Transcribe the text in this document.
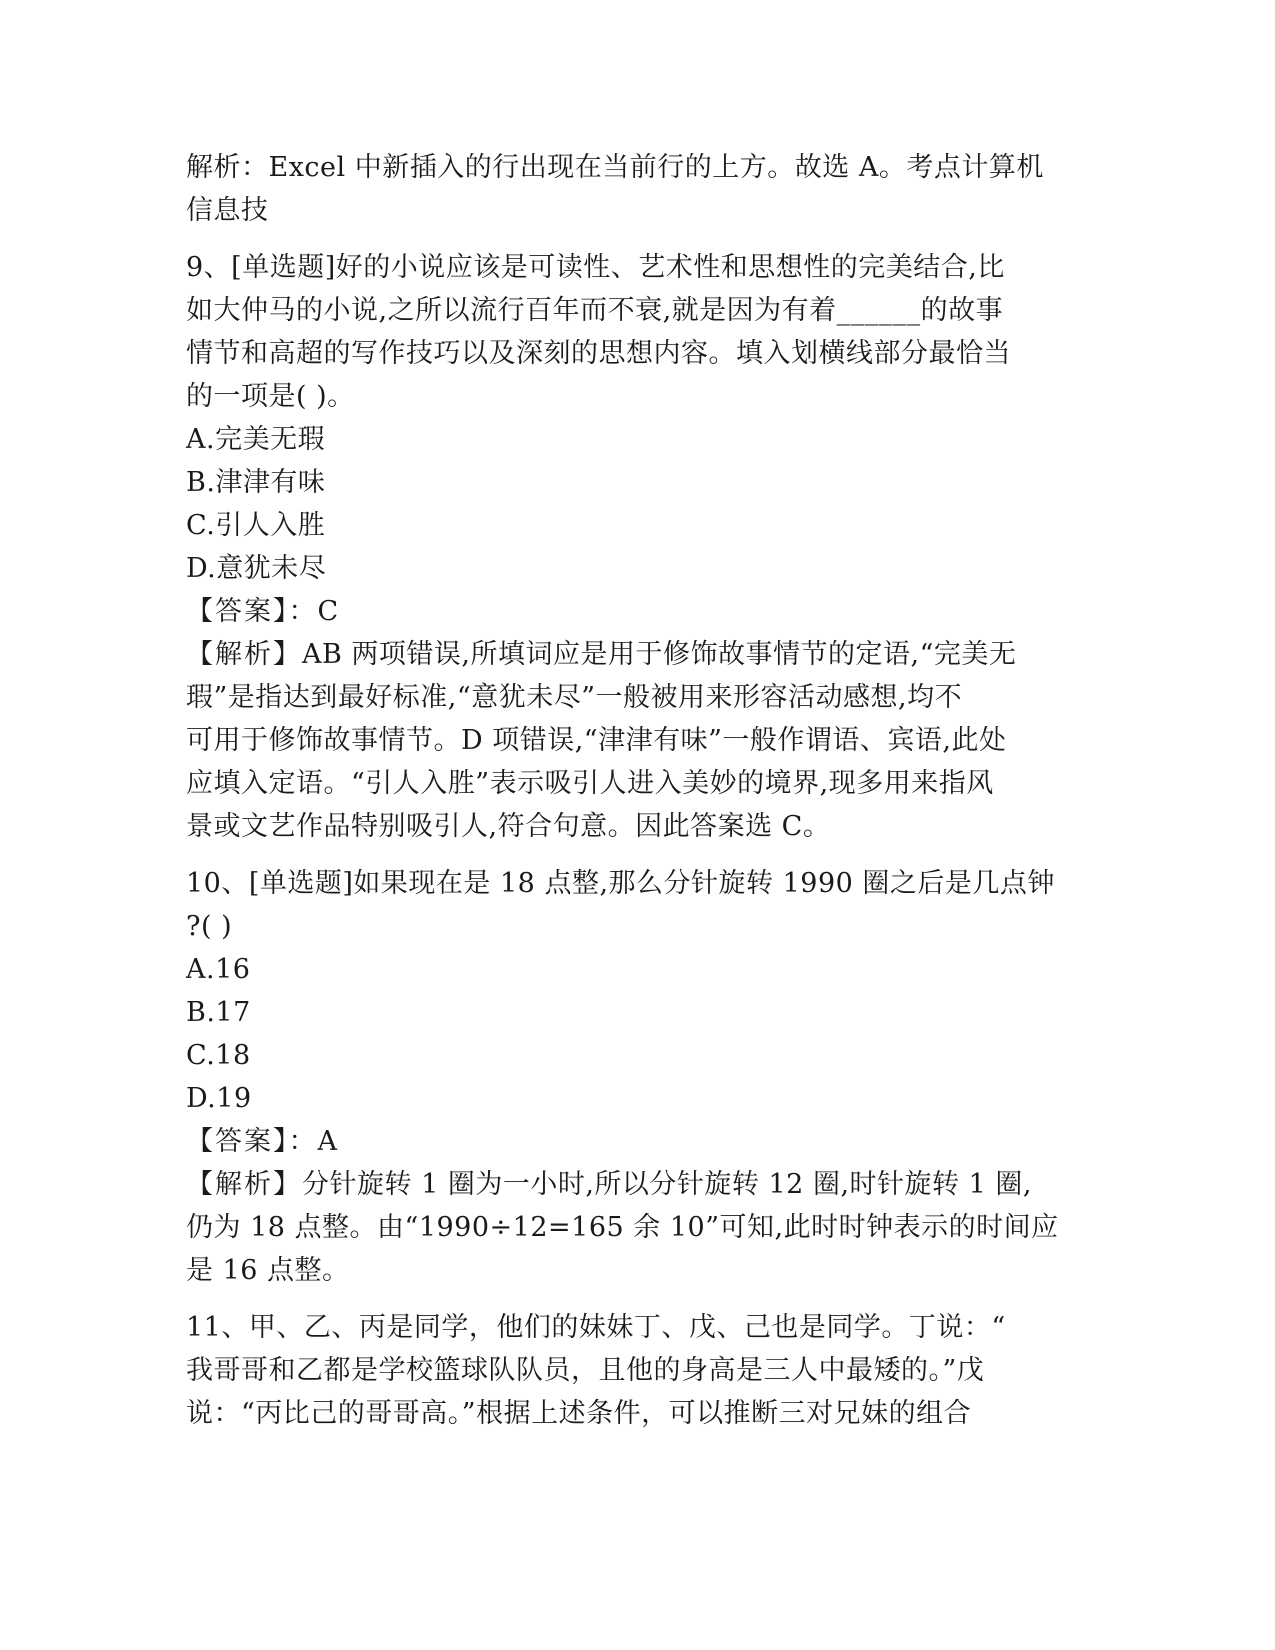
解析：Excel 中新插入的行出现在当前行的上方。故选 A。考点计算机
信息技
9、[单选题]好的小说应该是可读性、艺术性和思想性的完美结合,比
如大仲马的小说,之所以流行百年而不衰,就是因为有着______的故事
情节和高超的写作技巧以及深刻的思想内容。填入划横线部分最恰当
的一项是( )。
A.完美无瑕
B.津津有味
C.引人入胜
D.意犹未尽
【答案】：C
【解析】AB 两项错误,所填词应是用于修饰故事情节的定语,“完美无
瑕”是指达到最好标准,“意犹未尽”一般被用来形容活动感想,均不
可用于修饰故事情节。D 项错误,“津津有味”一般作谓语、宾语,此处
应填入定语。“引人入胜”表示吸引人进入美妙的境界,现多用来指风
景或文艺作品特别吸引人,符合句意。因此答案选 C。
10、[单选题]如果现在是 18 点整,那么分针旋转 1990 圈之后是几点钟
?( )
A.16
B.17
C.18
D.19
【答案】：A
【解析】分针旋转 1 圈为一小时,所以分针旋转 12 圈,时针旋转 1 圈,
仍为 18 点整。由“1990÷12=165 余 10”可知,此时时钟表示的时间应
是 16 点整。
11、甲、乙、丙是同学，他们的妹妹丁、戊、己也是同学。丁说：“
我哥哥和乙都是学校篮球队队员，且他的身高是三人中最矮的。”戊
说：“丙比己的哥哥高。”根据上述条件，可以推断三对兄妹的组合
